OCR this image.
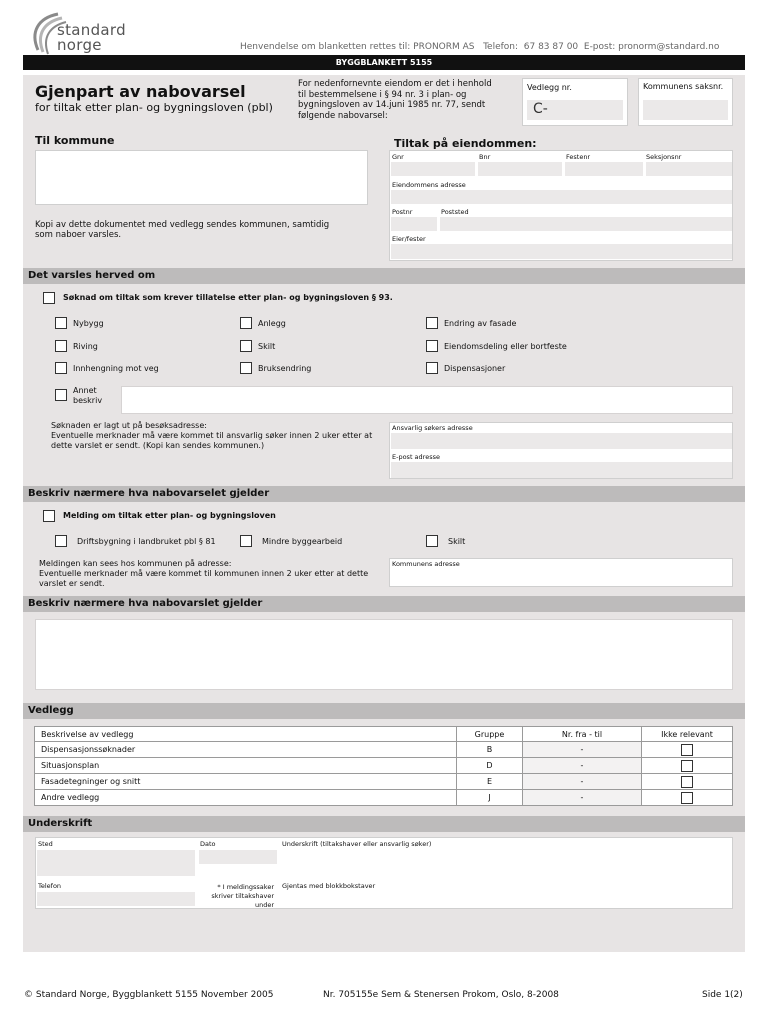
standard
norge	Henvendelse om blanketten rettes til: PRONORM AS   Telefon:  67 83 87 00  E-post: pronorm@standard.no
BYGGBLANKETT 5155
Gjenpart av nabovarsel
for tiltak etter plan- og bygningsloven (pbl)
For nedenfornevnte eiendom er det i henhold
til bestemmelsene i § 94 nr. 3 i plan- og
bygningsloven av 14.juni 1985 nr. 77, sendt
følgende nabovarsel:
Vedlegg nr.
C-
Kommunens saksnr.
Til kommune
Kopi av dette dokumentet med vedlegg sendes kommunen, samtidig
som naboer varsles.
Tiltak på eiendommen:
Gnr	Bnr	Festenr	Seksjonsnr
Eiendommens adresse
Postnr	Poststed
Eier/fester
Det varsles herved om
Søknad om tiltak som krever tillatelse etter plan- og bygningsloven § 93.
Nybygg	Anlegg	Endring av fasade
Riving	Skilt	Eiendomsdeling eller bortfeste
Innhengning mot veg	Bruksendring	Dispensasjoner
Annet
beskriv
Søknaden er lagt ut på besøksadresse:
Eventuelle merknader må være kommet til ansvarlig søker innen 2 uker etter at
dette varslet er sendt. (Kopi kan sendes kommunen.)
Ansvarlig søkers adresse
E-post adresse
Beskriv nærmere hva nabovarselet gjelder
Melding om tiltak etter plan- og bygningsloven
Driftsbygning i landbruket pbl § 81	Mindre byggearbeid	Skilt
Meldingen kan sees hos kommunen på adresse:
Eventuelle merknader må være kommet til kommunen innen 2 uker etter at dette
varslet er sendt.
Kommunens adresse
Beskriv nærmere hva nabovarslet gjelder
Vedlegg
Beskrivelse av vedlegg	Gruppe	Nr. fra - til	Ikke relevant
Dispensasjonssøknader	B	-	
Situasjonsplan	D	-	
Fasadetegninger og snitt	E	-	
Andre vedlegg	J	-	
Underskrift
Sted	Dato	Underskrift (tiltakshaver eller ansvarlig søker)
Telefon	* I meldingssaker
skriver tiltakshaver
under
Gjentas med blokkbokstaver
© Standard Norge, Byggblankett 5155 November 2005	Nr. 705155e Sem & Stenersen Prokom, Oslo, 8-2008	Side 1(2)
